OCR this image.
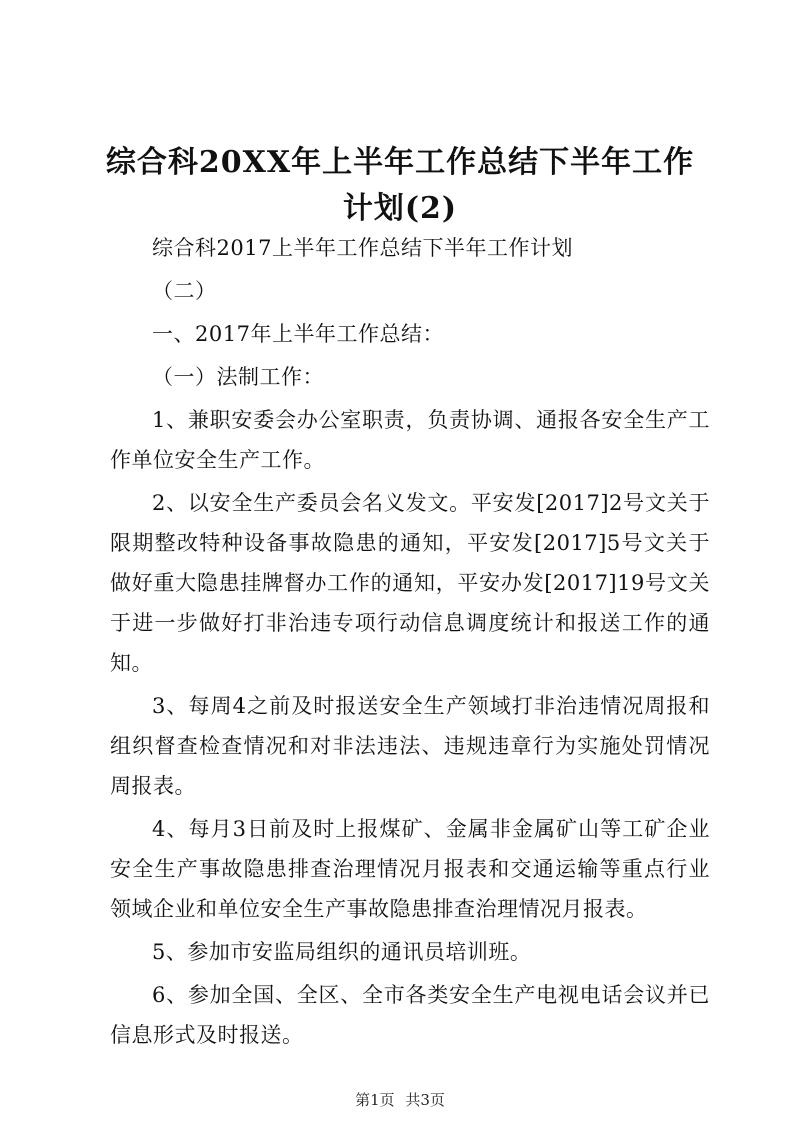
综合科20XX年上半年工作总结下半年工作计划(2)

综合科2017上半年工作总结下半年工作计划

（二）

一、2017年上半年工作总结：

（一）法制工作：

1、兼职安委会办公室职责，负责协调、通报各安全生产工作单位安全生产工作。

2、以安全生产委员会名义发文。平安发[2017]2号文关于限期整改特种设备事故隐患的通知，平安发[2017]5号文关于做好重大隐患挂牌督办工作的通知，平安办发[2017]19号文关于进一步做好打非治违专项行动信息调度统计和报送工作的通知。

3、每周4之前及时报送安全生产领域打非治违情况周报和组织督查检查情况和对非法违法、违规违章行为实施处罚情况周报表。

4、每月3日前及时上报煤矿、金属非金属矿山等工矿企业安全生产事故隐患排查治理情况月报表和交通运输等重点行业领域企业和单位安全生产事故隐患排查治理情况月报表。

5、参加市安监局组织的通讯员培训班。

6、参加全国、全区、全市各类安全生产电视电话会议并已信息形式及时报送。

第1页 共3页
